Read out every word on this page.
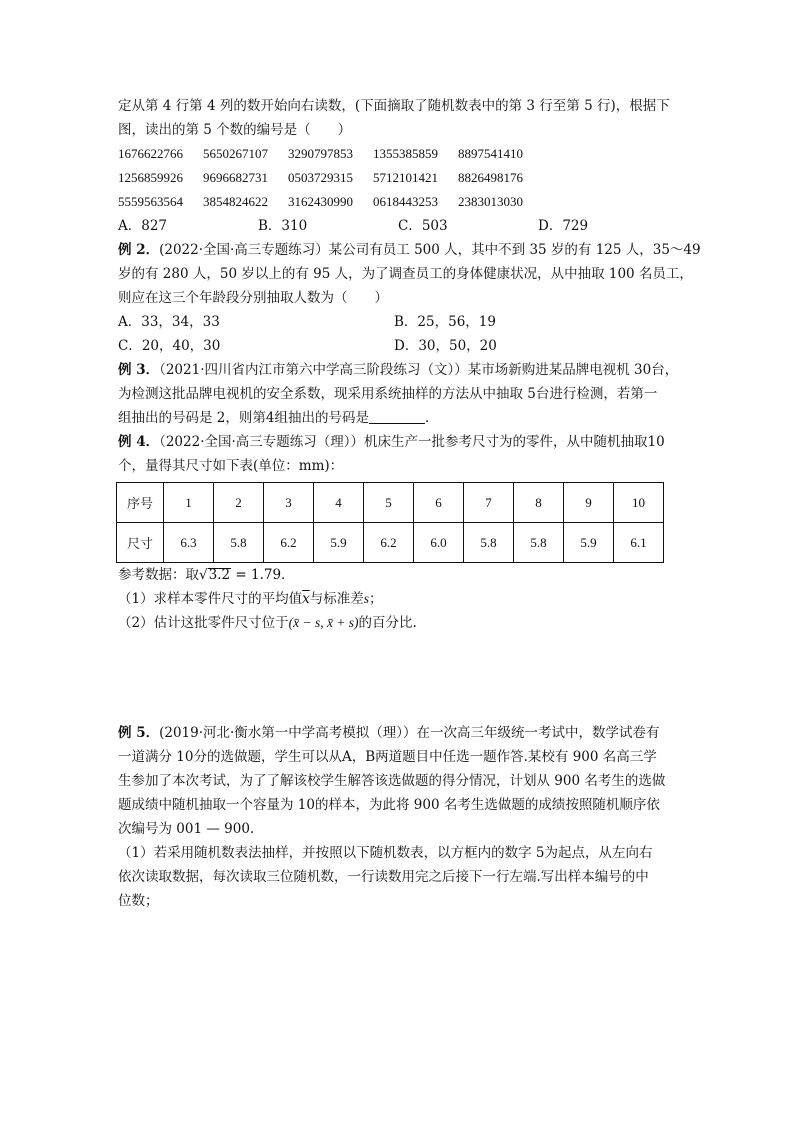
定从第 4 行第 4 列的数开始向右读数，(下面摘取了随机数表中的第 3 行至第 5 行)，根据下
图，读出的第 5 个数的编号是（　　）
1676622766 5650267107 3290797853 1355385859 8897541410
1256859926 9696682731 0503729315 5712101421 8826498176
5559563564 3854824622 3162430990 0618443253 2383013030
A．827	B．310	C．503	D．729
例 2．(2022·全国·高三专题练习）某公司有员工 500 人，其中不到 35 岁的有 125 人，35～49
岁的有 280 人，50 岁以上的有 95 人，为了调查员工的身体健康状况，从中抽取 100 名员工，
则应在这三个年龄段分别抽取人数为（　　）
A．33，34，33	B．25，56，19
C．20，40，30	D．30，50，20
例 3．（2021·四川省内江市第六中学高三阶段练习（文））某市场新购进某品牌电视机 30台，
为检测这批品牌电视机的安全系数，现采用系统抽样的方法从中抽取 5台进行检测，若第一
组抽出的号码是 2，则第4组抽出的号码是	．
例 4．（2022·全国·高三专题练习（理））机床生产一批参考尺寸为的零件，从中随机抽取10
个，量得其尺寸如下表(单位：mm)：
序号	1	2	3	4	5	6	7	8	9	10
尺寸	6.3	5.8	6.2	5.9	6.2	6.0	5.8	5.8	5.9	6.1
参考数据：取√3.2 = 1.79．
（1）求样本零件尺寸的平均值$\overline{x}$与标准差s；
（2）估计这批零件尺寸位于(x̄ − s, x̄ + s)的百分比.
例 5．(2019·河北·衡水第一中学高考模拟（理））在一次高三年级统一考试中，数学试卷有
一道满分 10分的选做题，学生可以从A，B两道题目中任选一题作答.某校有 900 名高三学
生参加了本次考试，为了了解该校学生解答该选做题的得分情况，计划从 900 名考生的选做
题成绩中随机抽取一个容量为 10的样本，为此将 900 名考生选做题的成绩按照随机顺序依
次编号为 001 — 900.
（1）若采用随机数表法抽样，并按照以下随机数表，以方框内的数字 5为起点，从左向右
依次读取数据，每次读取三位随机数，一行读数用完之后接下一行左端.写出样本编号的中
位数；
